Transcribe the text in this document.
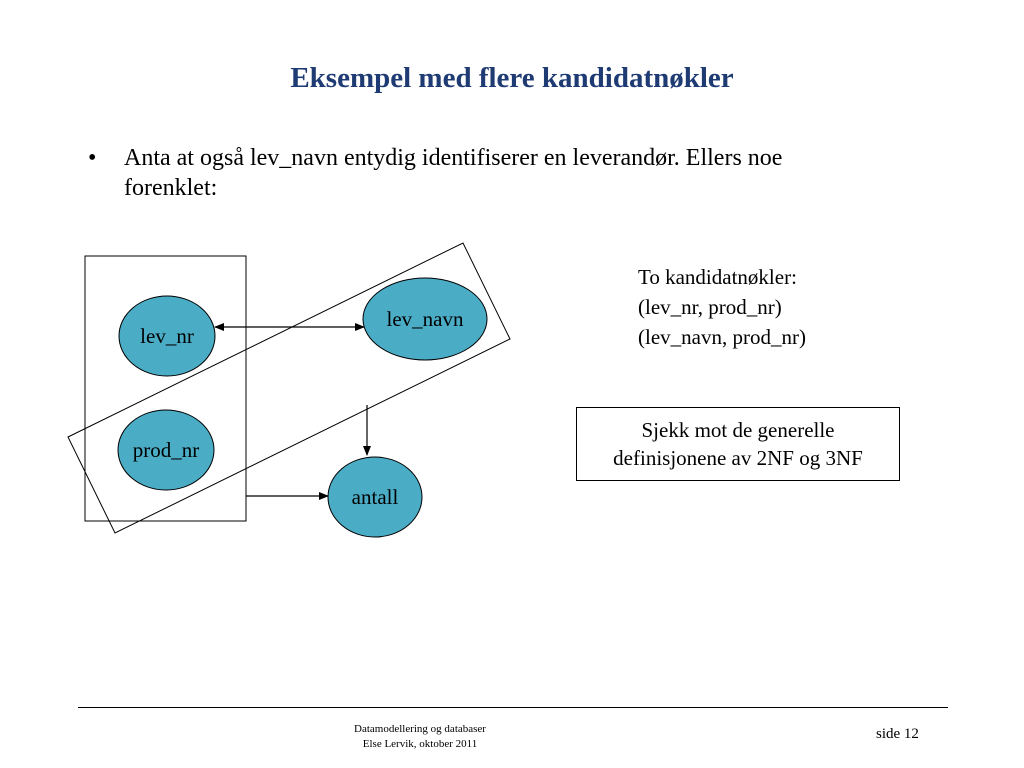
Eksempel med flere kandidatnøkler
• Anta at også lev_navn entydig identifiserer en leverandør. Ellers noe
forenklet:
lev_nr
lev_navn
prod_nr
antall
To kandidatnøkler:
(lev_nr, prod_nr)
(lev_navn, prod_nr)
Sjekk mot de generelle
definisjonene av 2NF og 3NF
Datamodellering og databaser
Else Lervik, oktober 2011
side 12
